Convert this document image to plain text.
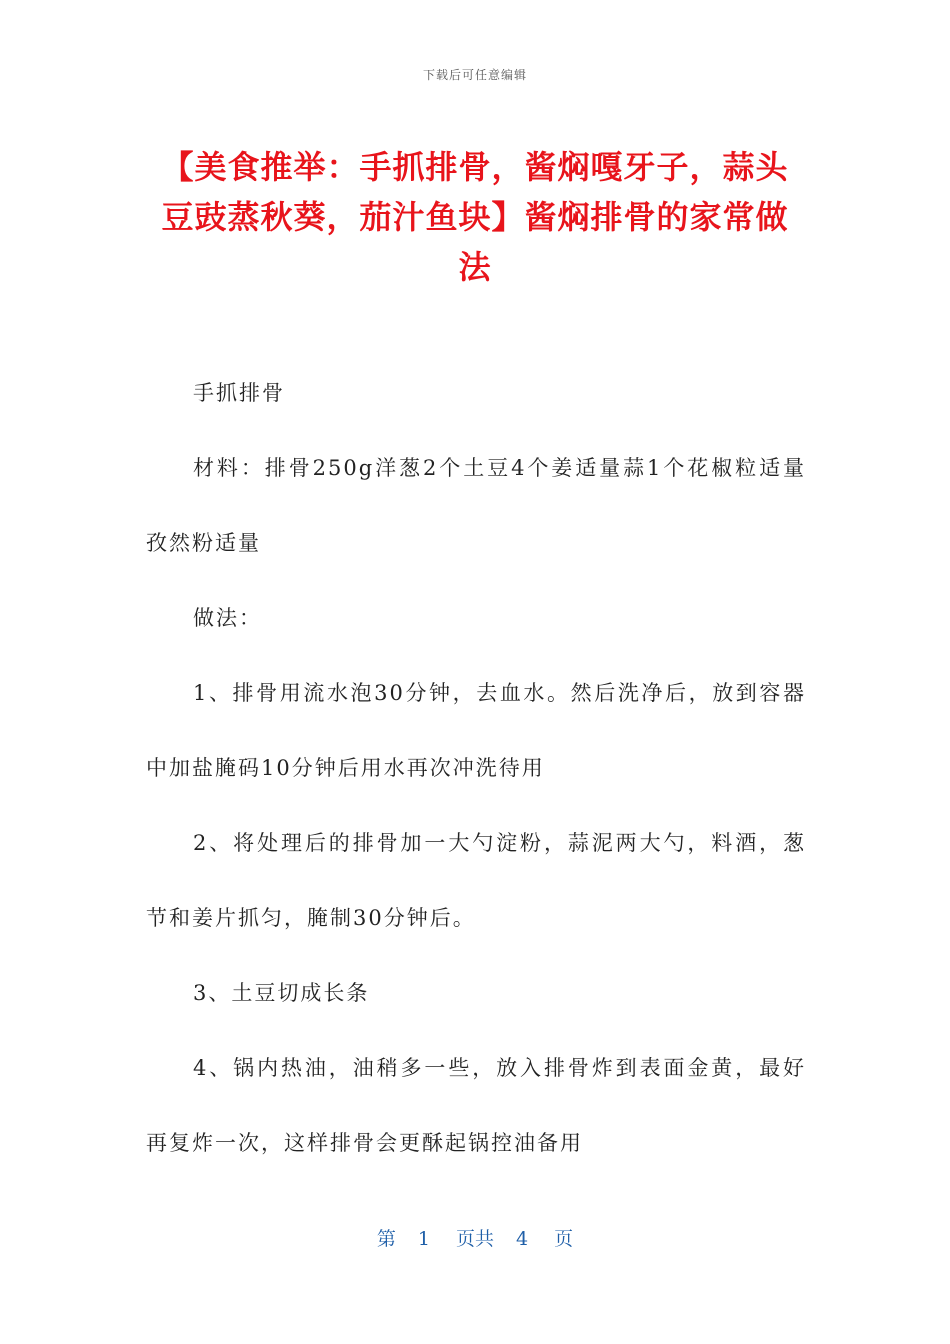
下载后可任意编辑
【美食推举：手抓排骨，酱焖嘎牙子，蒜头豆豉蒸秋葵，茄汁鱼块】酱焖排骨的家常做法

手抓排骨

材料：排骨250g洋葱2个土豆4个姜适量蒜1个花椒粒适量孜然粉适量

做法：

1、排骨用流水泡30分钟，去血水。然后洗净后，放到容器中加盐腌码10分钟后用水再次冲洗待用

2、将处理后的排骨加一大勺淀粉，蒜泥两大勺，料酒，葱节和姜片抓匀，腌制30分钟后。

3、土豆切成长条

4、锅内热油，油稍多一些，放入排骨炸到表面金黄，最好再复炸一次，这样排骨会更酥起锅控油备用

第 1 页共 4 页
